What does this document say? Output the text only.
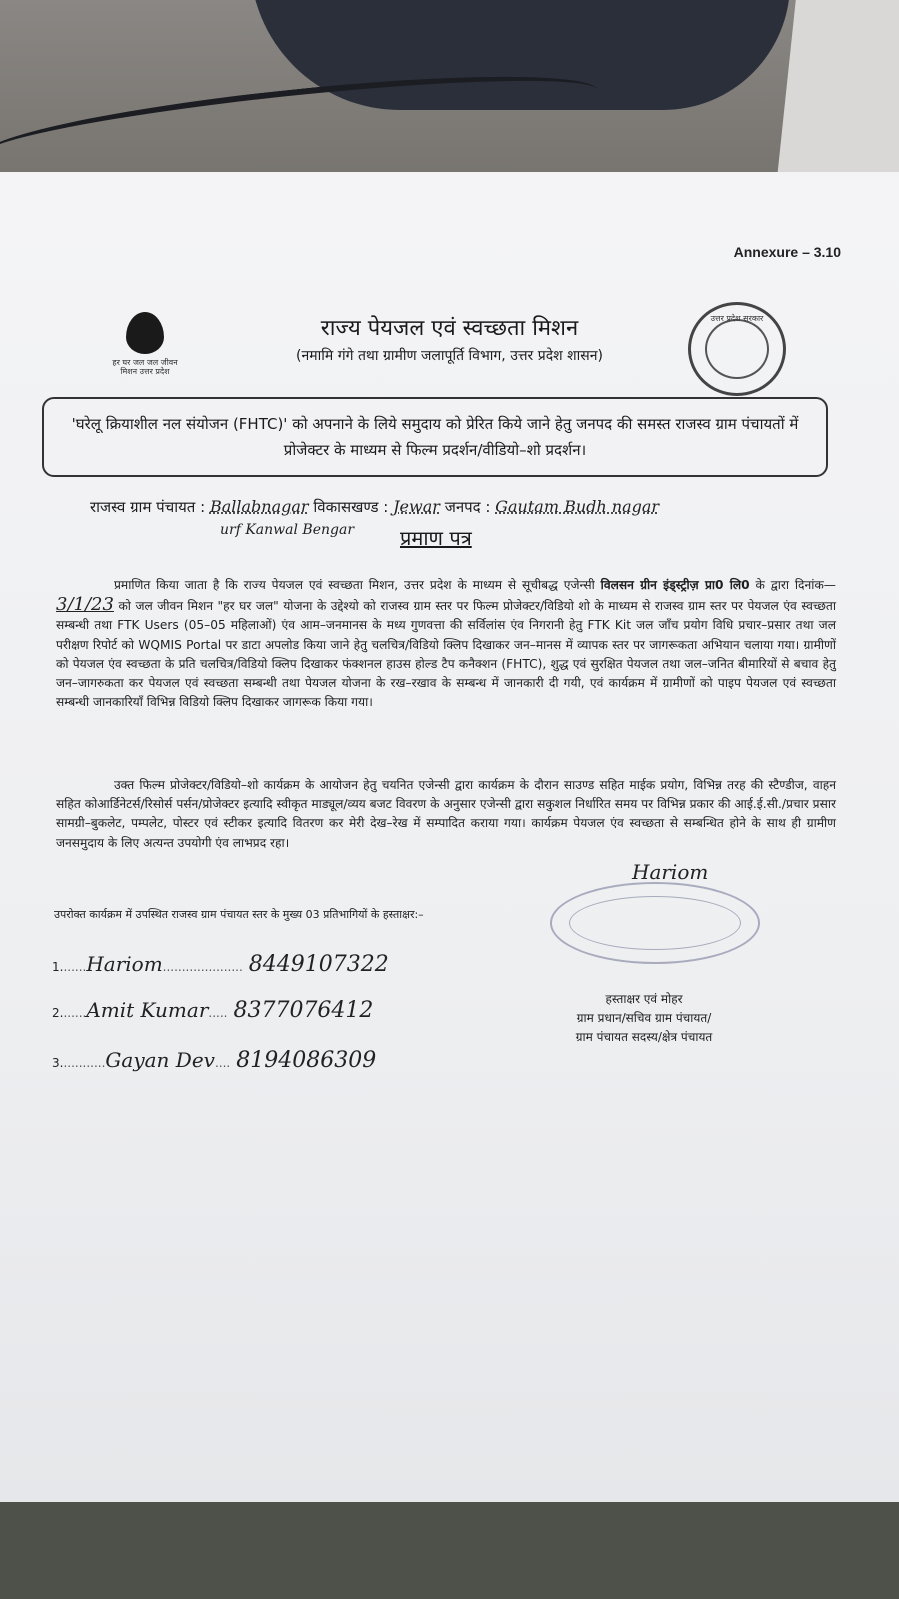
Annexure – 3.10
हर घर जल जल जीवन मिशन उत्तर प्रदेश
राज्य पेयजल एवं स्वच्छता मिशन
(नमामि गंगे तथा ग्रामीण जलापूर्ति विभाग, उत्तर प्रदेश शासन)
उत्तर प्रदेश सरकार
'घरेलू क्रियाशील नल संयोजन (FHTC)' को अपनाने के लिये समुदाय को प्रेरित किये जाने हेतु जनपद की समस्त राजस्व ग्राम पंचायतों में प्रोजेक्टर के माध्यम से फिल्म प्रदर्शन/वीडियो–शो प्रदर्शन।
राजस्व ग्राम पंचायत : Ballabnagar विकासखण्ड : Jewar जनपद : Gautam Budh nagar
urf Kanwal Bengar प्रमाण पत्र
प्रमाणित किया जाता है कि राज्य पेयजल एवं स्वच्छता मिशन, उत्तर प्रदेश के माध्यम से सूचीबद्ध एजेन्सी विलसन ग्रीन इंड्स्ट्रीज़ प्रा0 लि0 के द्वारा दिनांक—3/1/23 को जल जीवन मिशन "हर घर जल" योजना के उद्देश्यो को राजस्व ग्राम स्तर पर फिल्म प्रोजेक्टर/विडियो शो के माध्यम से राजस्व ग्राम स्तर पर पेयजल एंव स्वच्छता सम्बन्धी तथा FTK Users (05–05 महिलाओं) एंव आम–जनमानस के मध्य गुणवत्ता की सर्विलांस एंव निगरानी हेतु FTK Kit जल जाँच प्रयोग विधि प्रचार–प्रसार तथा जल परीक्षण रिपोर्ट को WQMIS Portal पर डाटा अपलोड किया जाने हेतु चलचित्र/विडियो क्लिप दिखाकर जन–मानस में व्यापक स्तर पर जागरूकता अभियान चलाया गया। ग्रामीणों को पेयजल एंव स्वच्छता के प्रति चलचित्र/विडियो क्लिप दिखाकर फंक्शनल हाउस होल्ड टैप कनैक्शन (FHTC), शुद्ध एवं सुरक्षित पेयजल तथा जल–जनित बीमारियों से बचाव हेतु जन–जागरुकता कर पेयजल एवं स्वच्छता सम्बन्धी तथा पेयजल योजना के रख–रखाव के सम्बन्ध में जानकारी दी गयी, एवं कार्यक्रम में ग्रामीणों को पाइप पेयजल एवं स्वच्छता सम्बन्धी जानकारियॉं विभिन्न विडियो क्लिप दिखाकर जागरूक किया गया।
उक्त फिल्म प्रोजेक्टर/विडियो–शो कार्यक्रम के आयोजन हेतु चयनित एजेन्सी द्वारा कार्यक्रम के दौरान साउण्ड सहित माईक प्रयोग, विभिन्न तरह की स्टैण्डीज, वाहन सहित कोआर्डिनेटर्स/रिसोर्स पर्सन/प्रोजेक्टर इत्यादि स्वीकृत माड्यूल/व्यय बजट विवरण के अनुसार एजेन्सी द्वारा सकुशल निर्धारित समय पर विभिन्न प्रकार की आई.ई.सी./प्रचार प्रसार सामग्री–बुकलेट, पम्पलेट, पोस्टर एवं स्टीकर इत्यादि वितरण कर मेरी देख–रेख में सम्पादित कराया गया। कार्यक्रम पेयजल एंव स्वच्छता से सम्बन्धित होने के साथ ही ग्रामीण जनसमुदाय के लिए अत्यन्त उपयोगी एंव लाभप्रद रहा।
Hariom
उपरोक्त कार्यक्रम में उपस्थित राजस्व ग्राम पंचायत स्तर के मुख्य 03 प्रतिभागियों के हस्ताक्षर:–
1.......Hariom..................... 8449107322
2.......Amit Kumar..... 8377076412
3............Gayan Dev.... 8194086309
हस्ताक्षर एवं मोहर
ग्राम प्रधान/सचिव ग्राम पंचायत/
ग्राम पंचायत सदस्य/क्षेत्र पंचायत
